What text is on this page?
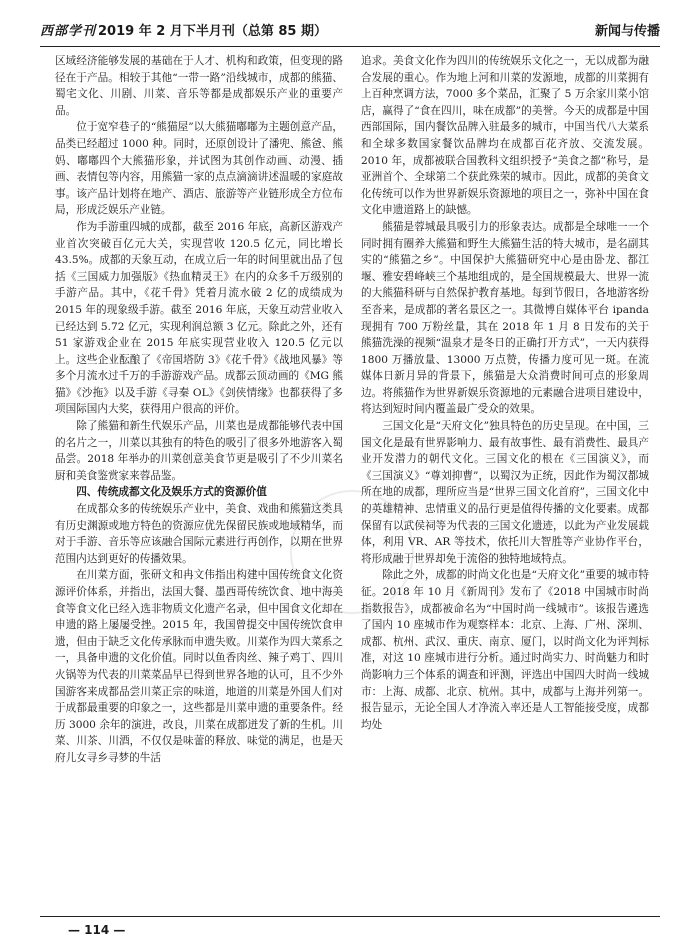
西部学刊 2019 年 2 月下半月刊（总第 85 期）	新闻与传播

区域经济能够发展的基础在于人才、机构和政策，但变现的路径在于产品。相较于其他“一带一路”沿线城市，成都的熊猫、蜀宅文化、川剧、川菜、音乐等都是成都娱乐产业的重要产品。

位于宽窄巷子的“熊猫屋”以大熊猫嘟嘟为主题创意产品，品类已经超过 1000 种。同时，还原创设计了潘兜、熊爸、熊妈、嘟嘟四个大熊猫形象，并试图为其创作动画、动漫、插画、表情包等内容，用熊猫一家的点点滴滴讲述温暖的家庭故事。该产品计划将在地产、酒店、旅游等产业链形成全方位布局，形成泛娱乐产业链。

作为手游重四城的成都，截至 2016 年底，高新区游戏产业首次突破百亿元大关，实现营收 120.5 亿元，同比增长 43.5%。成都的天象互动，在成立后一年的时间里就出品了包括《三国威力加强版》《热血精灵王》在内的众多千万级别的手游产品。其中，《花千骨》凭着月流水破 2 亿的成绩成为 2015 年的现象级手游。截至 2016 年底，天象互动营业收入已经达到 5.72 亿元，实现利润总额 3 亿元。除此之外，还有 51 家游戏企业在 2015 年底实现营业收入 120.5 亿元以上。这些企业酝酿了《帝国塔防 3》《花千骨》《战地风暴》等多个月流水过千万的手游游戏产品。成都云顶动画的《MG 熊猫》《沙拖》以及手游《寻秦 OL》《剑侠情缘》也都获得了多项国际国内大奖，获得用户很高的评价。

除了熊猫和新生代娱乐产品，川菜也是成都能够代表中国的名片之一，川菜以其独有的特色的吸引了很多外地游客入蜀品尝。2018 年举办的川菜创意美食节更是吸引了不少川菜名厨和美食鉴赏家来蓉品鉴。

四、传统成都文化及娱乐方式的资源价值

在成都众多的传统娱乐产业中，美食、戏曲和熊猫这类具有历史渊源或地方特色的资源应优先保留民族或地域精华，而对于手游、音乐等应该融合国际元素进行再创作，以期在世界范围内达到更好的传播效果。

在川菜方面，张研文和冉文伟指出构建中国传统食文化资源评价体系，并指出，法国大餐、墨西哥传统饮食、地中海美食等食文化已经入选非物质文化遗产名录，但中国食文化却在申遗的路上屡屡受挫。2015 年，我国曾提交中国传统饮食申遗，但由于缺乏文化传承脉而申遗失败。川菜作为四大菜系之一，具备申遗的文化价值。同时以鱼香肉丝、辣子鸡丁、四川火锅等为代表的川菜菜品早已得到世界各地的认可，且不少外国游客来成都品尝川菜正宗的味道，地道的川菜是外国人们对于成都最重要的印象之一，这些都是川菜申遗的重要条件。经历 3000 余年的演进，改良，川菜在成都迸发了新的生机。川菜、川茶、川酒，不仅仅是味蕾的释放、味觉的满足，也是天府儿女寻乡寻梦的牛活

追求。美食文化作为四川的传统娱乐文化之一，无以成都为融合发展的重心。作为地上河和川菜的发源地，成都的川菜拥有上百种烹调方法，7000 多个菜品，汇聚了 5 万余家川菜小馆店，赢得了“食在四川，味在成都”的美誉。今天的成都是中国西部国际，国内餐饮品牌入驻最多的城市，中国当代八大菜系和全球多数国家餐饮品牌均在成都百花齐放、交流发展。2010 年，成都被联合国教科文组织授予“美食之都”称号，是亚洲首个、全球第二个获此殊荣的城市。因此，成都的美食文化传统可以作为世界新娱乐资源地的项目之一，弥补中国在食文化申遗道路上的缺憾。

熊猫是蓉城最具吸引力的形象表达。成都是全球唯一一个同时拥有圈养大熊猫和野生大熊猫生活的特大城市，是名副其实的“熊猫之乡”。中国保护大熊猫研究中心是由卧龙、都江堰、雅安碧峰峡三个基地组成的，是全国规模最大、世界一流的大熊猫科研与自然保护教育基地。每到节假日，各地游客纷至沓来，是成都的著名景区之一。其微博自媒体平台 ipanda 现拥有 700 万粉丝量，其在 2018 年 1 月 8 日发布的关于熊猫洗澡的视频“温泉才是冬日的正确打开方式”，一天内获得 1800 万播放量、13000 万点赞，传播力度可见一斑。在流媒体日新月异的背景下，熊猫是大众消费时间可点的形象周边。将熊猫作为世界新娱乐资源地的元素融合进项目建设中，将达到短时间内覆盖最广受众的效果。

三国文化是“天府文化”独具特色的历史呈现。在中国，三国文化是最有世界影响力、最有故事性、最有消费性、最具产业开发潜力的朝代文化。三国文化的根在《三国演义》，而《三国演义》“尊刘抑曹”，以蜀汉为正统，因此作为蜀汉都城所在地的成都，理所应当是“世界三国文化首府”，三国文化中的英雄精神、忠情重义的品行更是值得传播的文化要素。成都保留有以武侯祠等为代表的三国文化遗迹，以此为产业发展载体，利用 VR、AR 等技术，依托川大智胜等产业协作平台，将形成融于世界却免于流俗的独特地域特点。

除此之外，成都的时尚文化也是“天府文化”重要的城市特征。2018 年 10 月《新周刊》发布了《2018 中国城市时尚指数报告》，成都被命名为“中国时尚一线城市”。该报告遴选了国内 10 座城市作为观察样本：北京、上海、广州、深圳、成都、杭州、武汉、重庆、南京、厦门，以时尚文化为评判标准，对这 10 座城市进行分析。通过时尚实力、时尚魅力和时尚影响力三个体系的调查和评测，评选出中国四大时尚一线城市：上海、成都、北京、杭州。其中，成都与上海并列第一。报告显示，无论全国人才净流入率还是人工智能接受度，成都均处

— 114 —
